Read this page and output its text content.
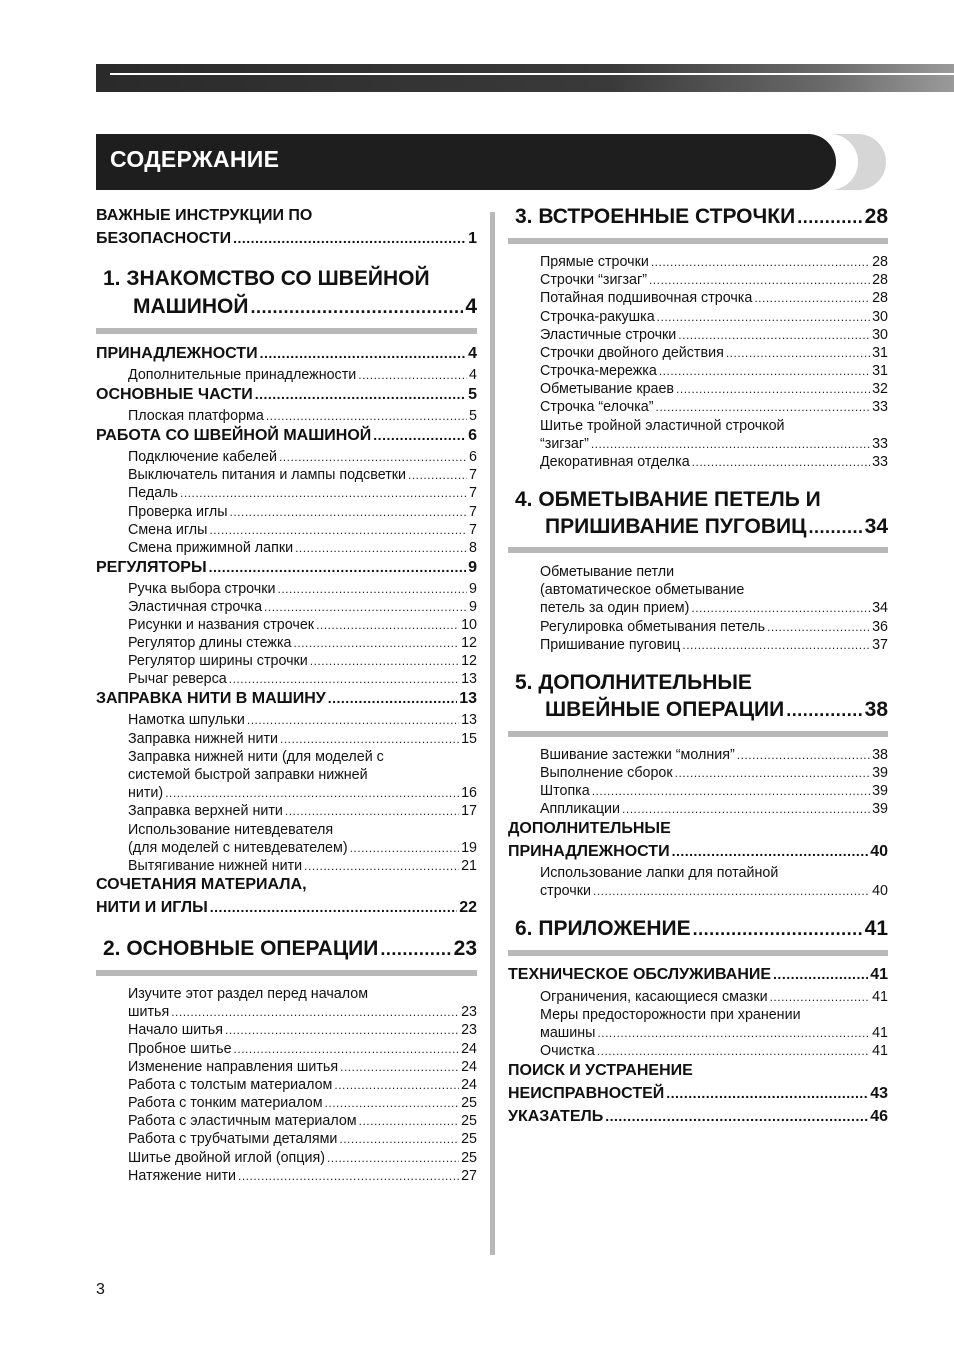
СОДЕРЖАНИЕ
ВАЖНЫЕ ИНСТРУКЦИИ ПО
БЕЗОПАСНОСТИ .....	1
1. ЗНАКОМСТВО СО ШВЕЙНОЙ
МАШИНОЙ .....	4
ПРИНАДЛЕЖНОСТИ .....	4
Дополнительные принадлежности .....	4
ОСНОВНЫЕ ЧАСТИ .....	5
Плоская платформа .....	5
РАБОТА СО ШВЕЙНОЙ МАШИНОЙ .....	6
Подключение кабелей .....	6
Выключатель питания и лампы подсветки .....	7
Педаль .....	7
Проверка иглы .....	7
Смена иглы .....	7
Смена прижимной лапки .....	8
РЕГУЛЯТОРЫ .....	9
Ручка выбора строчки .....	9
Эластичная строчка .....	9
Рисунки и названия строчек .....	10
Регулятор длины стежка .....	12
Регулятор ширины строчки .....	12
Рычаг реверса .....	13
ЗАПРАВКА НИТИ В МАШИНУ .....	13
Намотка шпульки .....	13
Заправка нижней нити .....	15
Заправка нижней нити (для моделей с
системой быстрой заправки нижней
нити) .....	16
Заправка верхней нити .....	17
Использование нитевдевателя
(для моделей с нитевдевателем) .....	19
Вытягивание нижней нити .....	21
СОЧЕТАНИЯ МАТЕРИАЛА,
НИТИ И ИГЛЫ .....	22
2. ОСНОВНЫЕ ОПЕРАЦИИ .....	23
Изучите этот раздел перед началом
шитья .....	23
Начало шитья .....	23
Пробное шитье .....	24
Изменение направления шитья .....	24
Работа с толстым материалом .....	24
Работа с тонким материалом .....	25
Работа с эластичным материалом .....	25
Работа с трубчатыми деталями .....	25
Шитье двойной иглой (опция) .....	25
Натяжение нити .....	27
3. ВСТРОЕННЫЕ СТРОЧКИ .....	28
Прямые строчки .....	28
Строчки “зигзаг” .....	28
Потайная подшивочная строчка .....	28
Строчка-ракушка .....	30
Эластичные строчки .....	30
Строчки двойного действия .....	31
Строчка-мережка .....	31
Обметывание краев .....	32
Строчка “елочка” .....	33
Шитье тройной эластичной строчкой
“зигзаг” .....	33
Декоративная отделка .....	33
4. ОБМЕТЫВАНИЕ ПЕТЕЛЬ И
ПРИШИВАНИЕ ПУГОВИЦ .....	34
Обметывание петли
(автоматическое обметывание
петель за один прием) .....	34
Регулировка обметывания петель .....	36
Пришивание пуговиц .....	37
5. ДОПОЛНИТЕЛЬНЫЕ
ШВЕЙНЫЕ ОПЕРАЦИИ .....	38
Вшивание застежки “молния” .....	38
Выполнение сборок .....	39
Штопка .....	39
Аппликации .....	39
ДОПОЛНИТЕЛЬНЫЕ
ПРИНАДЛЕЖНОСТИ .....	40
Использование лапки для потайной
строчки .....	40
6. ПРИЛОЖЕНИЕ .....	41
ТЕХНИЧЕСКОЕ ОБСЛУЖИВАНИЕ .....	41
Ограничения, касающиеся смазки .....	41
Меры предосторожности при хранении
машины .....	41
Очистка .....	41
ПОИСК И УСТРАНЕНИЕ
НЕИСПРАВНОСТЕЙ .....	43
УКАЗАТЕЛЬ .....	46
3
